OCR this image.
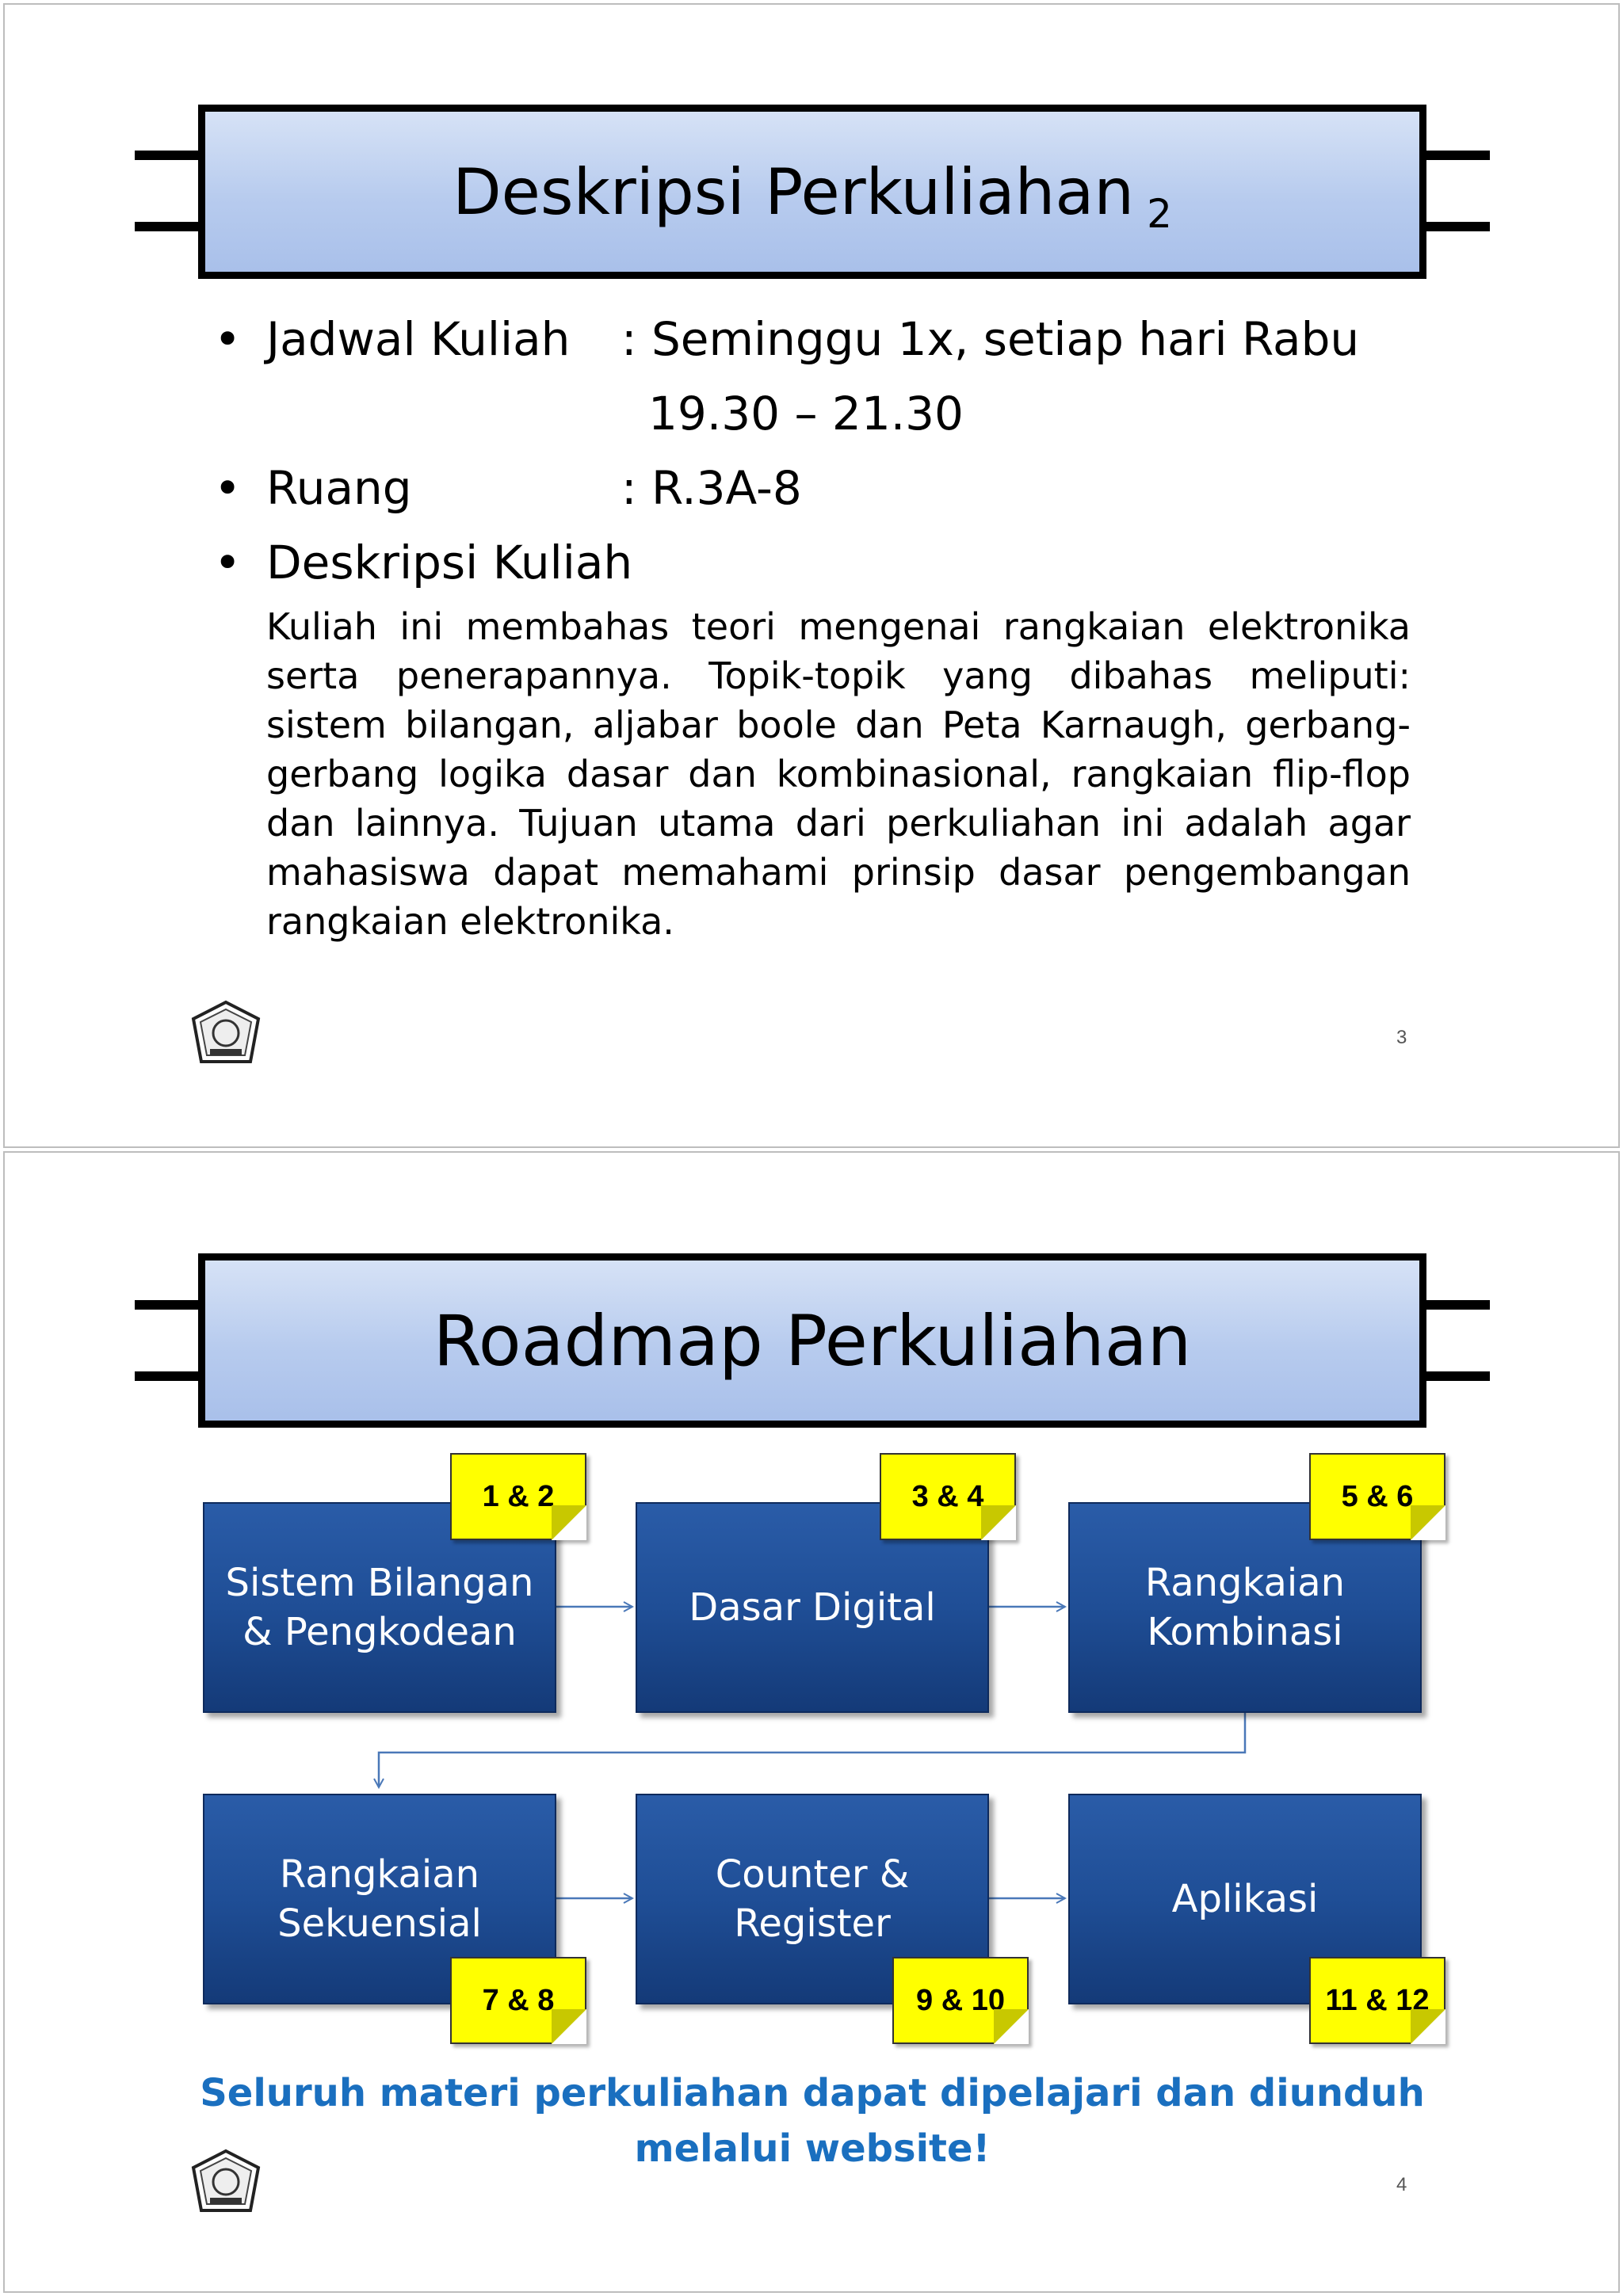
Deskripsi Perkuliahan 2
• Jadwal Kuliah : Seminggu 1x, setiap hari Rabu
19.30 – 21.30
• Ruang	: R.3A-8
• Deskripsi Kuliah
Kuliah ini membahas teori mengenai rangkaian elektronika
serta penerapannya. Topik-topik yang dibahas meliputi:
sistem bilangan, aljabar boole dan Peta Karnaugh, gerbang-
gerbang logika dasar dan kombinasional, rangkaian flip-flop
dan lainnya. Tujuan utama dari perkuliahan ini adalah agar
mahasiswa dapat memahami prinsip dasar pengembangan
rangkaian elektronika.
3
Roadmap Perkuliahan
Sistem Bilangan
& Pengkodean
Dasar Digital
Rangkaian
Kombinasi
1 & 2	3 & 4	5 & 6
Rangkaian
Sekuensial
Counter &
Register
Aplikasi
7 & 8	9 & 10	11 & 12
Seluruh materi perkuliahan dapat dipelajari dan diunduh
melalui website!
4
